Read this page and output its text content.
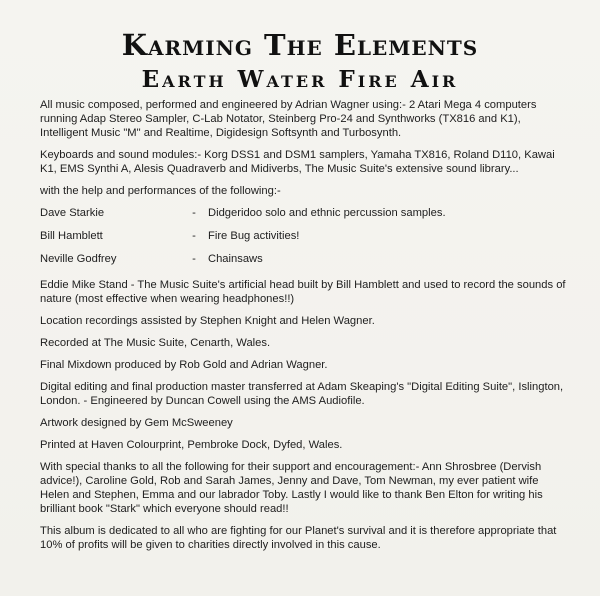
Karming The Elements
Earth Water Fire Air

All music composed, performed and engineered by Adrian Wagner using:- 2 Atari Mega 4 computers running Adap Stereo Sampler, C-Lab Notator, Steinberg Pro-24 and Synthworks (TX816 and K1), Intelligent Music "M" and Realtime, Digidesign Softsynth and Turbosynth.

Keyboards and sound modules:- Korg DSS1 and DSM1 samplers, Yamaha TX816, Roland D110, Kawai K1, EMS Synthi A, Alesis Quadraverb and Midiverbs, The Music Suite's extensive sound library...

with the help and performances of the following:-

Dave Starkie	-	Didgeridoo solo and ethnic percussion samples.
Bill Hamblett	-	Fire Bug activities!
Neville Godfrey	-	Chainsaws

Eddie Mike Stand - The Music Suite's artificial head built by Bill Hamblett and used to record the sounds of nature (most effective when wearing headphones!!)

Location recordings assisted by Stephen Knight and Helen Wagner.

Recorded at The Music Suite, Cenarth, Wales.

Final Mixdown produced by Rob Gold and Adrian Wagner.

Digital editing and final production master transferred at Adam Skeaping's "Digital Editing Suite", Islington, London. - Engineered by Duncan Cowell using the AMS Audiofile.

Artwork designed by Gem McSweeney

Printed at Haven Colourprint, Pembroke Dock, Dyfed, Wales.

With special thanks to all the following for their support and encouragement:- Ann Shrosbree (Dervish advice!), Caroline Gold, Rob and Sarah James, Jenny and Dave, Tom Newman, my ever patient wife Helen and Stephen, Emma and our labrador Toby. Lastly I would like to thank Ben Elton for writing his brilliant book "Stark" which everyone should read!!

This album is dedicated to all who are fighting for our Planet's survival and it is therefore appropriate that 10% of profits will be given to charities directly involved in this cause.
